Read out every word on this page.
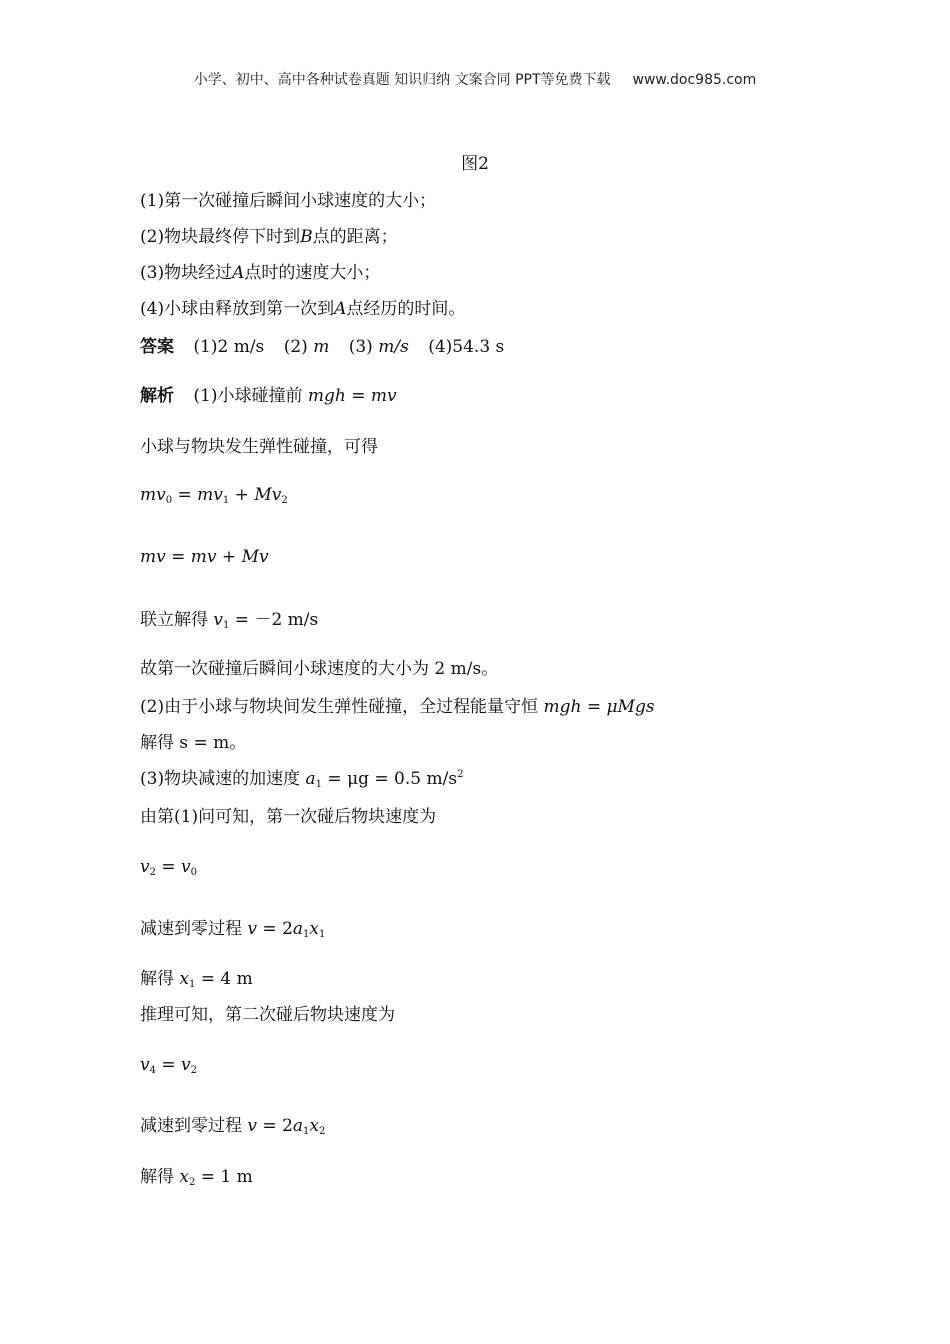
小学、初中、高中各种试卷真题 知识归纳 文案合同 PPT等免费下载 www.doc985.com
图2
(1)第一次碰撞后瞬间小球速度的大小；
(2)物块最终停下时到B点的距离；
(3)物块经过A点时的速度大小；
(4)小球由释放到第一次到A点经历的时间。
答案 (1)2 m/s (2) m (3) m/s (4)54.3 s
解析 (1)小球碰撞前 mgh = mv
小球与物块发生弹性碰撞，可得
$mv_0 = mv_1 + Mv_2$
mv = mv + Mv
联立解得 $v_1 = -2$ m/s
故第一次碰撞后瞬间小球速度的大小为 2 m/s。
(2)由于小球与物块间发生弹性碰撞，全过程能量守恒 mgh = μMgs
解得 s = m。
(3)物块减速的加速度 $a_1 = \mu g = 0.5$ $m/s^2$
由第(1)问可知，第一次碰后物块速度为
$v_2 = v_0$
减速到零过程 $v = 2a_1x_1$
解得 $x_1 = 4$ m
推理可知，第二次碰后物块速度为
$v_4 = v_2$
减速到零过程 $v = 2a_1x_2$
解得 $x_2 = 1$ m
